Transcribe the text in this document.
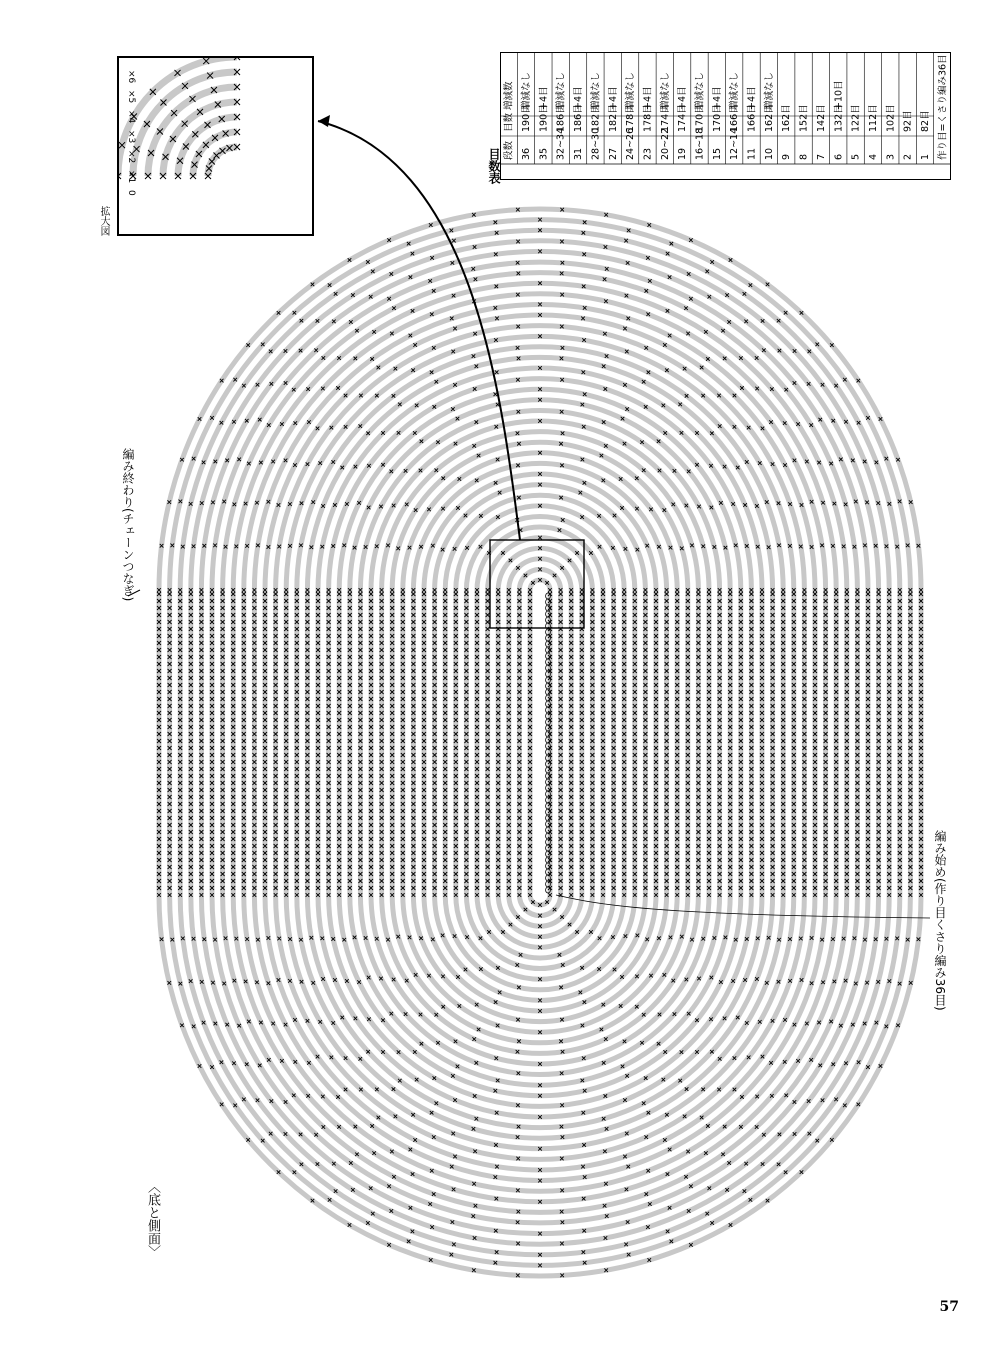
×6
×5
×4
×3
×2
×1
0
拡大図
〈底と側面〉
編み終わり(チェーンつなぎ)
編み始め(作り目くさり編み36目)
目数表 段数
目数
増減数
36
190目
増減なし
35
190目
+4目
32~34
186目
増減なし
31
186目
+4目
28~30
182目
増減なし
27
182目
+4目
24~26
178目
増減なし
23
178目
+4目
20~22
174目
増減なし
19
174目
+4目
16~18
170目
増減なし
15
170目
+4目
12~14
166目
増減なし
11
166目
+4目
10
162目
増減なし
9
162目
8
152目
7
142目
6
132目
+10目
5
122目
4
112目
3
102目
2
92目
1
82目 作り目=くさり編み36目
57
